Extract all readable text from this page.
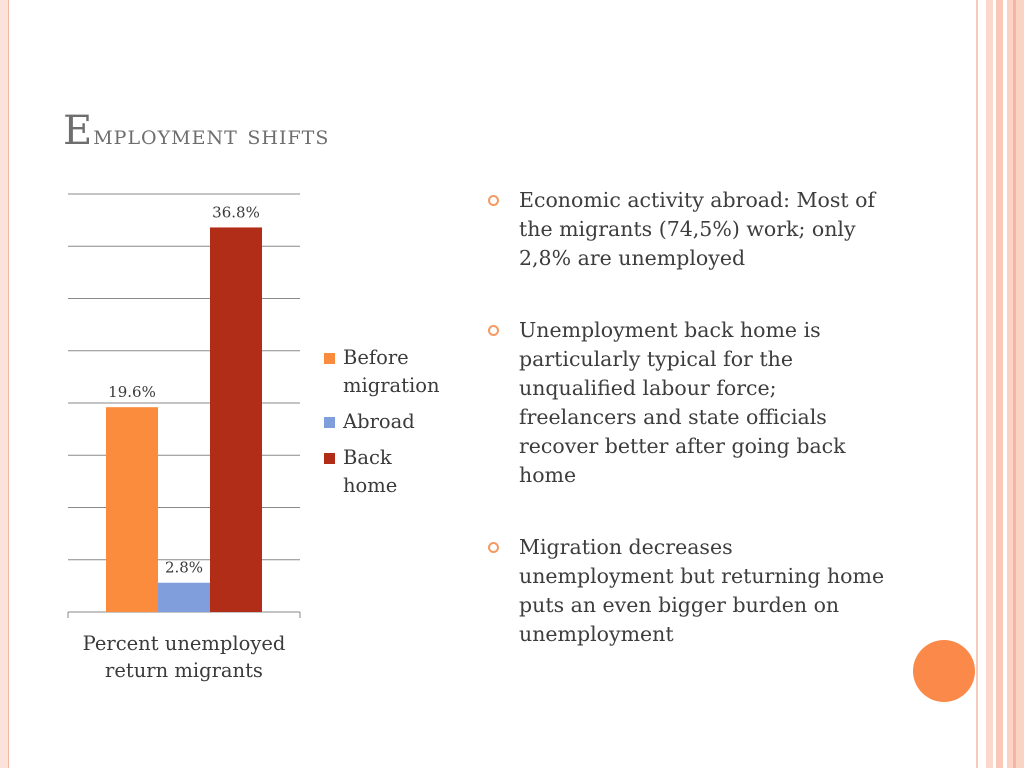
Employment shifts
19.6%
2.8%
36.8%
Percent unemployed
return migrants
Before
migration
Abroad
Back
home
Economic activity abroad: Most of the migrants (74,5%) work; only 2,8% are unemployed
Unemployment back home is particularly typical for the unqualified labour force; freelancers and state officials recover better after going back home
Migration decreases unemployment but returning home puts an even bigger burden on unemployment
